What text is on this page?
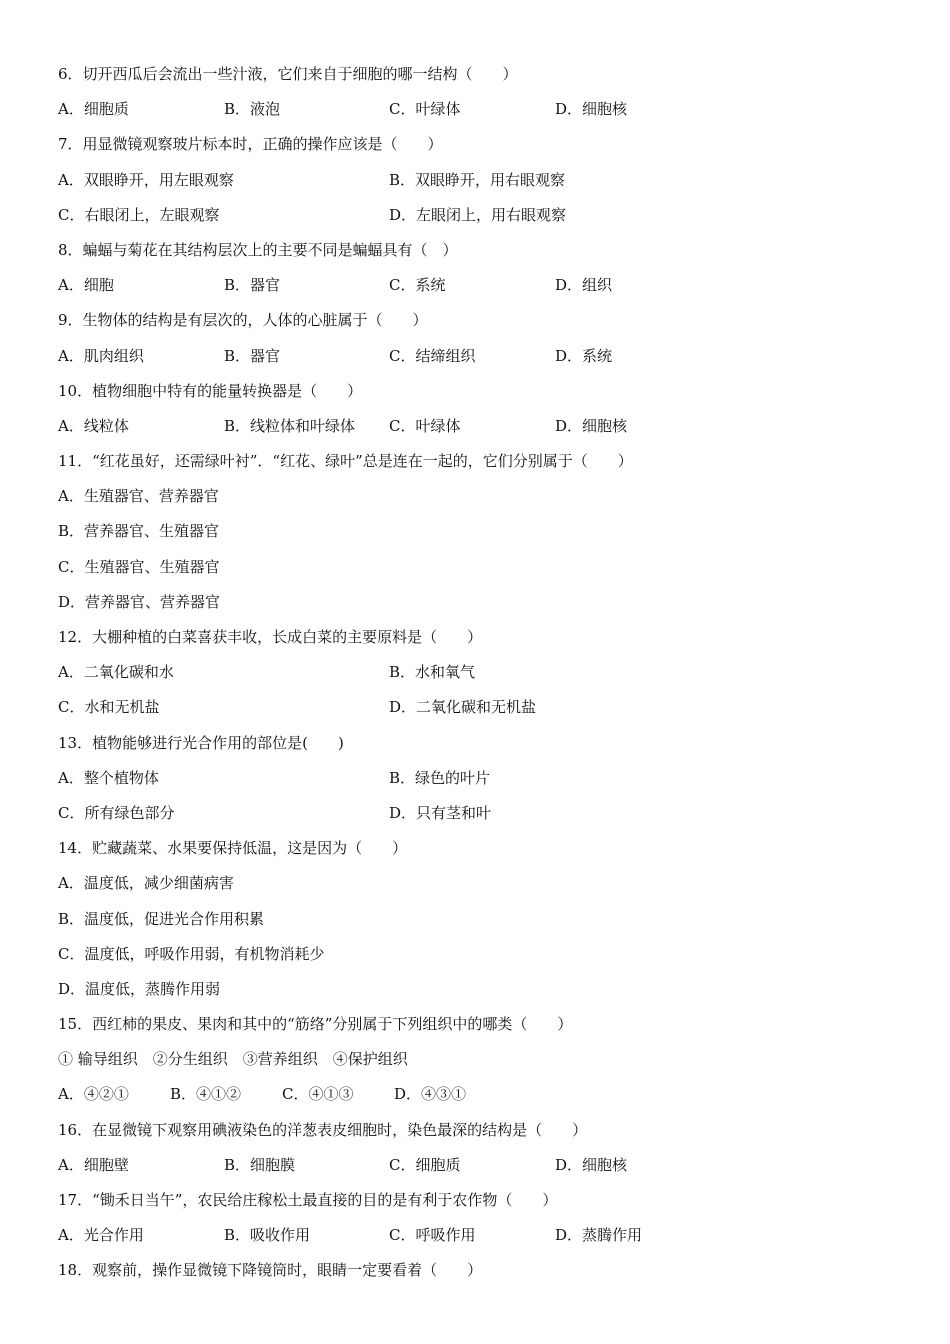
6．切开西瓜后会流出一些汁液，它们来自于细胞的哪一结构（　　）
A．细胞质	B．液泡	C．叶绿体	D．细胞核
7．用显微镜观察玻片标本时，正确的操作应该是（　　）
A．双眼睁开，用左眼观察	B．双眼睁开，用右眼观察
C．右眼闭上，左眼观察	D．左眼闭上，用右眼观察
8．蝙蝠与菊花在其结构层次上的主要不同是蝙蝠具有（　）
A．细胞	B．器官	C．系统	D．组织
9．生物体的结构是有层次的，人体的心脏属于（　　）
A．肌肉组织	B．器官	C．结缔组织	D．系统
10．植物细胞中特有的能量转换器是（　　）
A．线粒体	B．线粒体和叶绿体 C．叶绿体	D．细胞核
11．“红花虽好，还需绿叶衬”．“红花、绿叶”总是连在一起的，它们分别属于（　　）
A．生殖器官、营养器官
B．营养器官、生殖器官
C．生殖器官、生殖器官
D．营养器官、营养器官
12．大棚种植的白菜喜获丰收，长成白菜的主要原料是（　　）
A．二氧化碳和水	B．水和氧气
C．水和无机盐	D．二氧化碳和无机盐
13．植物能够进行光合作用的部位是(　　)
A．整个植物体	B．绿色的叶片
C．所有绿色部分	D．只有茎和叶
14．贮藏蔬菜、水果要保持低温，这是因为（　　）
A．温度低，减少细菌病害
B．温度低，促进光合作用积累
C．温度低，呼吸作用弱，有机物消耗少
D．温度低，蒸腾作用弱
15．西红柿的果皮、果肉和其中的“筋络”分别属于下列组织中的哪类（　　）
① 输导组织　②分生组织　③营养组织　④保护组织
A．④②①	B．④①②	C．④①③	D．④③①
16．在显微镜下观察用碘液染色的洋葱表皮细胞时，染色最深的结构是（　　）
A．细胞壁	B．细胞膜	C．细胞质	D．细胞核
17．“锄禾日当午”，农民给庄稼松土最直接的目的是有利于农作物（　　）
A．光合作用	B．吸收作用	C．呼吸作用	D．蒸腾作用
18．观察前，操作显微镜下降镜筒时，眼睛一定要看着（　　）
